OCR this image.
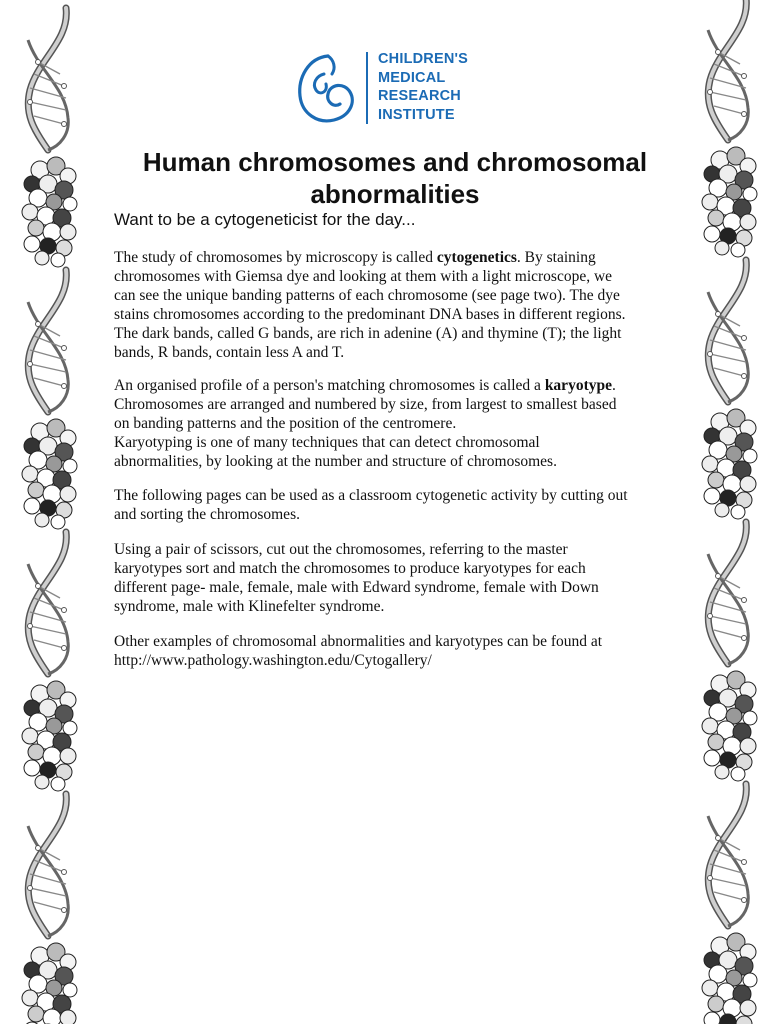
CHILDREN'S
MEDICAL
RESEARCH
INSTITUTE
Human chromosomes and chromosomal abnormalities

Want to be a cytogeneticist for the day...

The study of chromosomes by microscopy is called cytogenetics. By staining
chromosomes with Giemsa dye and looking at them with a light microscope, we
can see the unique banding patterns of each chromosome (see page two). The dye
stains chromosomes according to the predominant DNA bases in different regions.
The dark bands, called G bands, are rich in adenine (A) and thymine (T); the light
bands, R bands, contain less A and T.
An organised profile of a person's matching chromosomes is called a karyotype.
Chromosomes are arranged and numbered by size, from largest to smallest based
on banding patterns and the position of the centromere.
Karyotyping is one of many techniques that can detect chromosomal
abnormalities, by looking at the number and structure of chromosomes.
The following pages can be used as a classroom cytogenetic activity by cutting out
and sorting the chromosomes.
Using a pair of scissors, cut out the chromosomes, referring to the master
karyotypes sort and match the chromosomes to produce karyotypes for each
different page- male, female, male with Edward syndrome, female with Down
syndrome, male with Klinefelter syndrome.
Other examples of chromosomal abnormalities and karyotypes can be found at
http://www.pathology.washington.edu/Cytogallery/
